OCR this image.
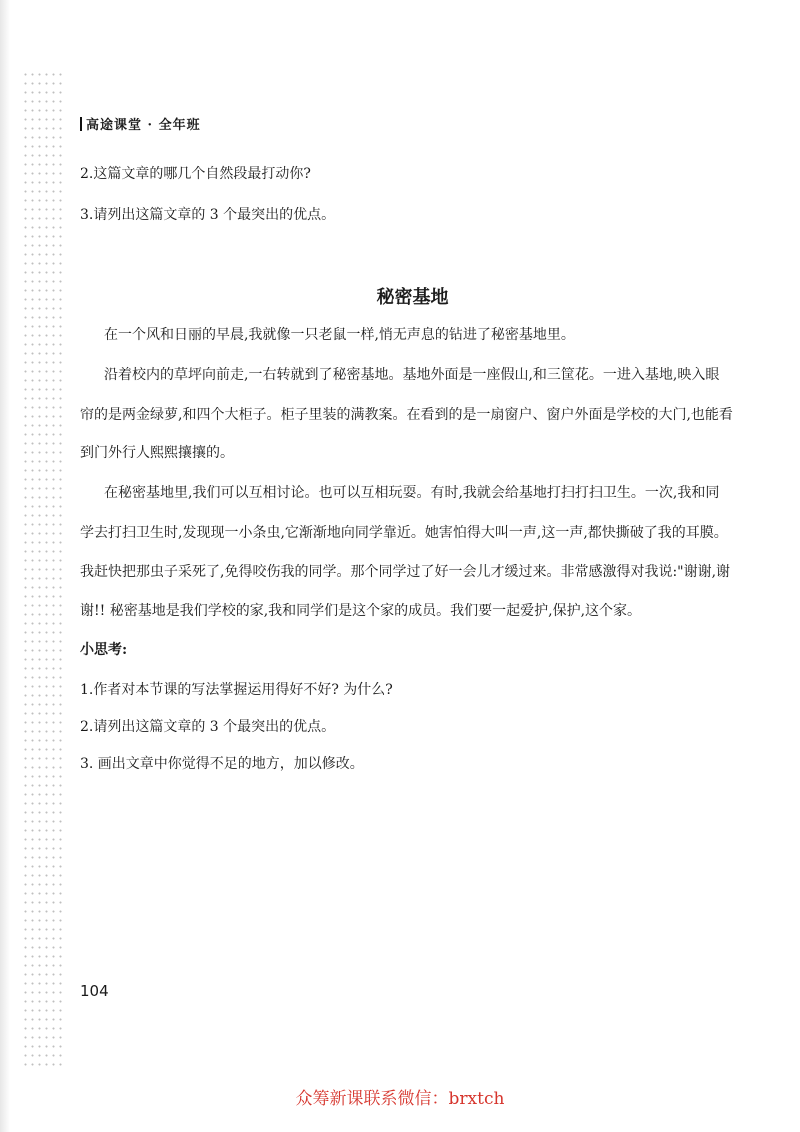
高途课堂 · 全年班
2.这篇文章的哪几个自然段最打动你?
3.请列出这篇文章的 3 个最突出的优点。
秘密基地
在一个风和日丽的早晨,我就像一只老鼠一样,悄无声息的钻进了秘密基地里。
沿着校内的草坪向前走,一右转就到了秘密基地。基地外面是一座假山,和三筐花。一进入基地,映入眼
帘的是两金绿萝,和四个大柜子。柜子里装的满教案。在看到的是一扇窗户、窗户外面是学校的大门,也能看
到门外行人熙熙攘攘的。
在秘密基地里,我们可以互相讨论。也可以互相玩耍。有时,我就会给基地打扫打扫卫生。一次,我和同
学去打扫卫生时,发现现一小条虫,它渐渐地向同学靠近。她害怕得大叫一声,这一声,都快撕破了我的耳膜。
我赶快把那虫子采死了,免得咬伤我的同学。那个同学过了好一会儿才缓过来。非常感激得对我说:"谢谢,谢
谢!! 秘密基地是我们学校的家,我和同学们是这个家的成员。我们要一起爱护,保护,这个家。
小思考:
1.作者对本节课的写法掌握运用得好不好? 为什么?
2.请列出这篇文章的 3 个最突出的优点。
3. 画出文章中你觉得不足的地方，加以修改。
104
众筹新课联系微信：brxtch
